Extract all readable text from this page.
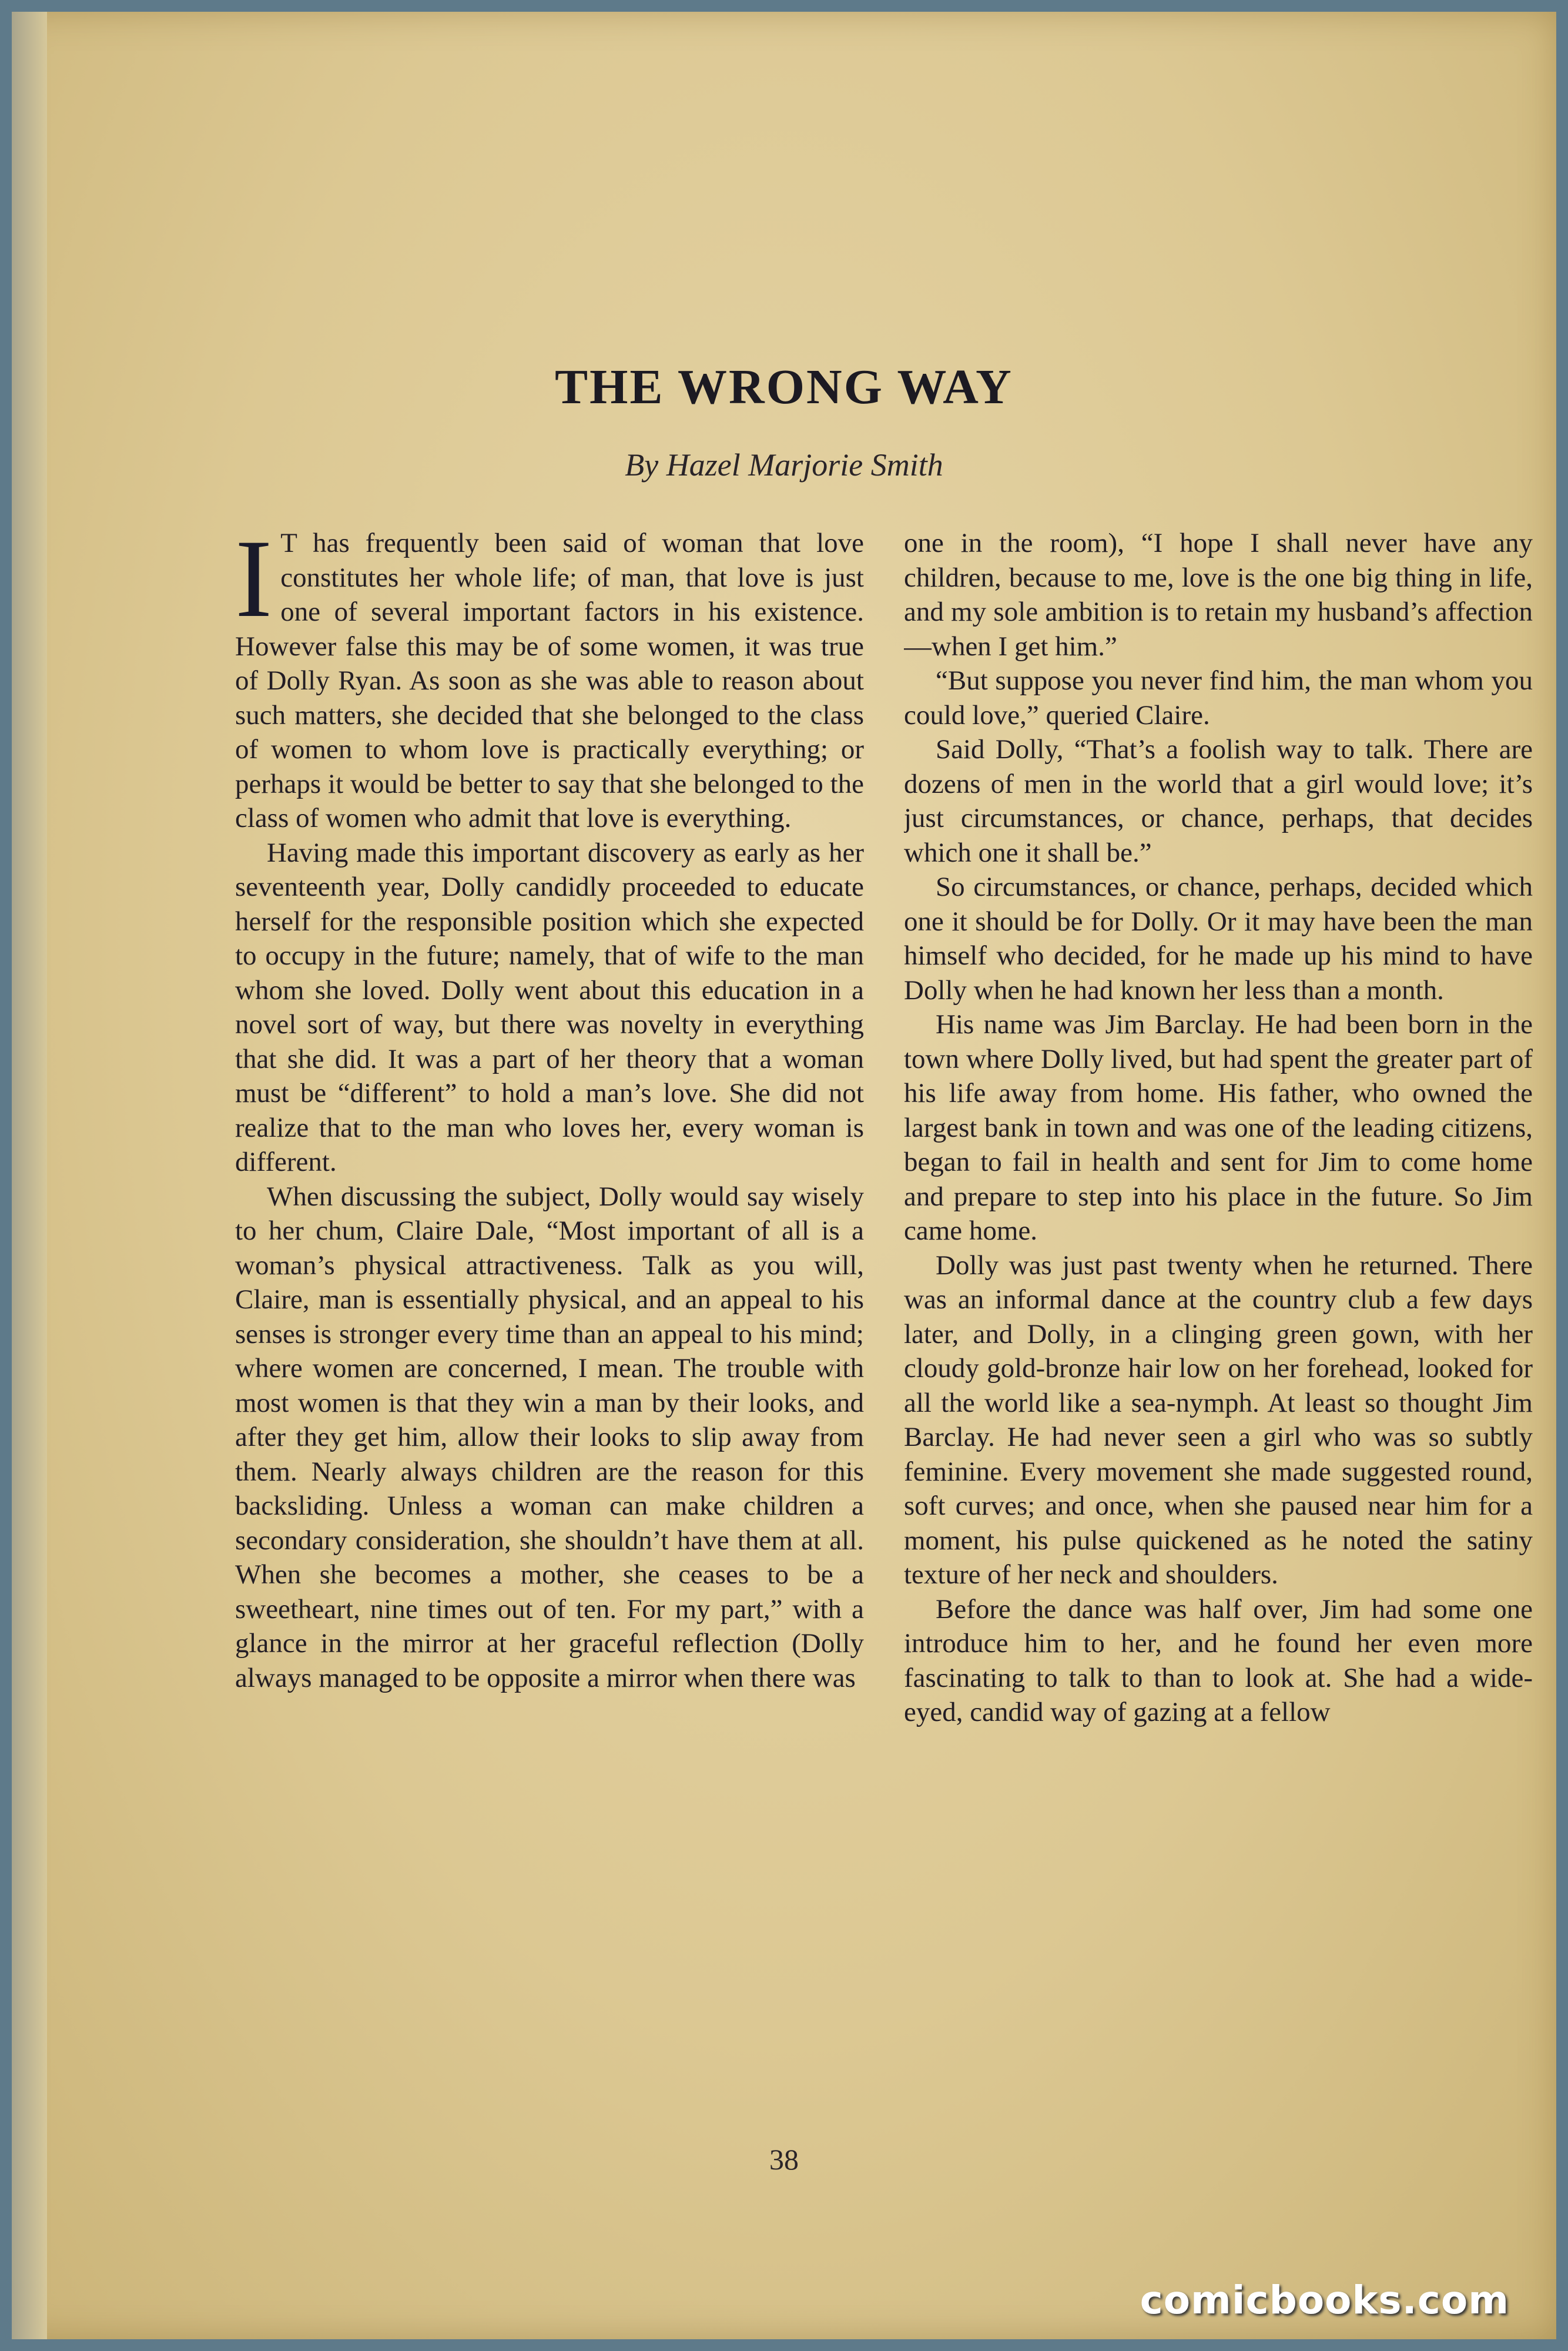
THE WRONG WAY
By Hazel Marjorie Smith

I T has frequently been said of woman that love constitutes her whole life; of man, that love is just one of several important factors in his existence. However false this may be of some women, it was true of Dolly Ryan. As soon as she was able to reason about such matters, she decided that she belonged to the class of women to whom love is practically everything; or perhaps it would be better to say that she belonged to the class of women who admit that love is everything.

Having made this important discovery as early as her seventeenth year, Dolly candidly proceeded to educate herself for the responsible position which she expected to occupy in the future; namely, that of wife to the man whom she loved. Dolly went about this education in a novel sort of way, but there was novelty in everything that she did. It was a part of her theory that a woman must be “different” to hold a man’s love. She did not realize that to the man who loves her, every woman is different.

When discussing the subject, Dolly would say wisely to her chum, Claire Dale, “Most important of all is a woman’s physical attractiveness. Talk as you will, Claire, man is essentially physical, and an appeal to his senses is stronger every time than an appeal to his mind; where women are concerned, I mean. The trouble with most women is that they win a man by their looks, and after they get him, allow their looks to slip away from them. Nearly always children are the reason for this backsliding. Unless a woman can make children a secondary consideration, she shouldn’t have them at all. When she becomes a mother, she ceases to be a sweetheart, nine times out of ten. For my part,” with a glance in the mirror at her graceful reflection (Dolly always managed to be opposite a mirror when there was

one in the room), “I hope I shall never have any children, because to me, love is the one big thing in life, and my sole ambition is to retain my husband’s affection—when I get him.”

“But suppose you never find him, the man whom you could love,” queried Claire.

Said Dolly, “That’s a foolish way to talk. There are dozens of men in the world that a girl would love; it’s just circumstances, or chance, perhaps, that decides which one it shall be.”

So circumstances, or chance, perhaps, decided which one it should be for Dolly. Or it may have been the man himself who decided, for he made up his mind to have Dolly when he had known her less than a month.

His name was Jim Barclay. He had been born in the town where Dolly lived, but had spent the greater part of his life away from home. His father, who owned the largest bank in town and was one of the leading citizens, began to fail in health and sent for Jim to come home and prepare to step into his place in the future. So Jim came home.

Dolly was just past twenty when he returned. There was an informal dance at the country club a few days later, and Dolly, in a clinging green gown, with her cloudy gold-bronze hair low on her forehead, looked for all the world like a sea-nymph. At least so thought Jim Barclay. He had never seen a girl who was so subtly feminine. Every movement she made suggested round, soft curves; and once, when she paused near him for a moment, his pulse quickened as he noted the satiny texture of her neck and shoulders.

Before the dance was half over, Jim had some one introduce him to her, and he found her even more fascinating to talk to than to look at. She had a wide-eyed, candid way of gazing at a fellow

38
comicbooks.com
